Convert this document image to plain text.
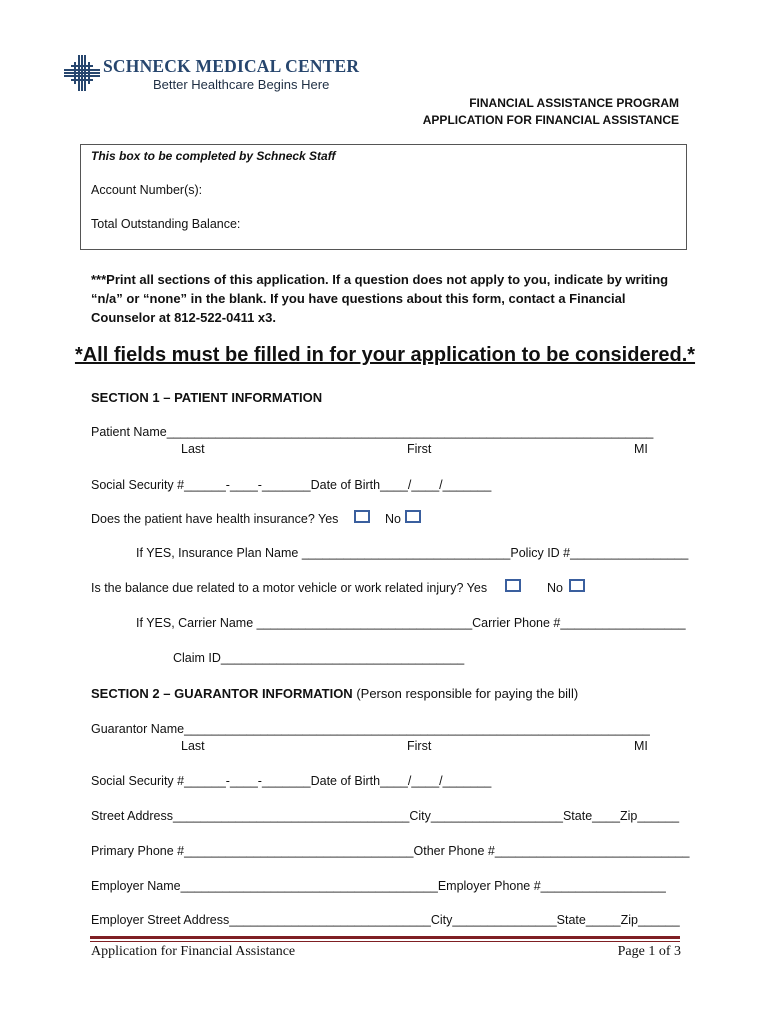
SCHNECK MEDICAL CENTER
Better Healthcare Begins Here
FINANCIAL ASSISTANCE PROGRAM
APPLICATION FOR FINANCIAL ASSISTANCE
This box to be completed by Schneck Staff
Account Number(s):
Total Outstanding Balance:
***Print all sections of this application. If a question does not apply to you, indicate by writing “n/a” or “none” in the blank. If you have questions about this form, contact a Financial Counselor at 812-522-0411 x3.
*All fields must be filled in for your application to be considered.*
SECTION 1 – PATIENT INFORMATION
Patient Name______________________________________________________________________
Last	First	MI
Social Security #______-____-_______Date of Birth____/____/_______
Does the patient have health insurance? Yes	No
If YES, Insurance Plan Name ______________________________Policy ID #_________________
Is the balance due related to a motor vehicle or work related injury? Yes	No
If YES, Carrier Name _______________________________Carrier Phone #__________________
Claim ID___________________________________
SECTION 2 – GUARANTOR INFORMATION (Person responsible for paying the bill)
Guarantor Name___________________________________________________________________
Last	First	MI
Social Security #______-____-_______Date of Birth____/____/_______
Street Address__________________________________City___________________State____Zip______
Primary Phone #_________________________________Other Phone #____________________________
Employer Name_____________________________________Employer Phone #__________________
Employer Street Address_____________________________City_______________State_____Zip______
Application for Financial Assistance	Page 1 of 3
